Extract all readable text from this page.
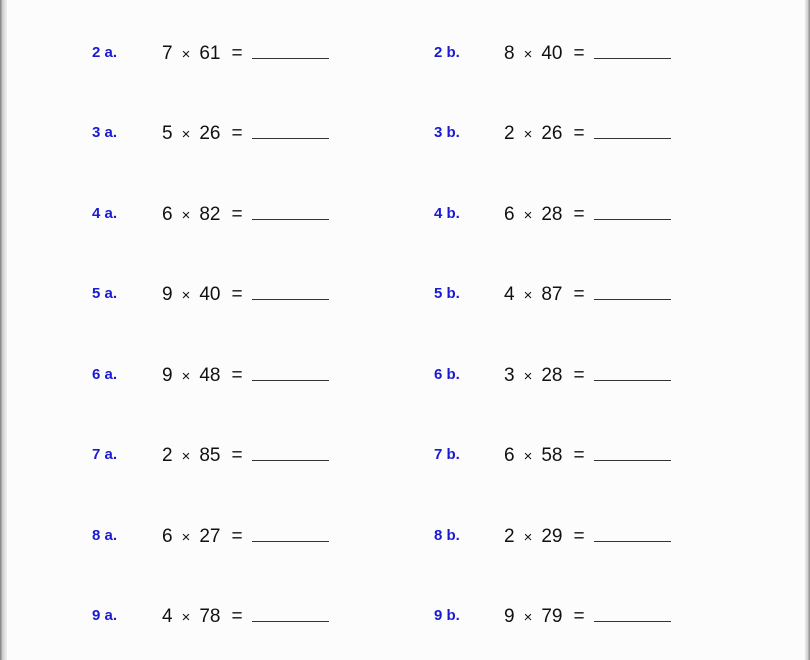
2 a. 7 × 61 =	2 b. 8 × 40 =
3 a. 5 × 26 =	3 b. 2 × 26 =
4 a. 6 × 82 =	4 b. 6 × 28 =
5 a. 9 × 40 =	5 b. 4 × 87 =
6 a. 9 × 48 =	6 b. 3 × 28 =
7 a. 2 × 85 =	7 b. 6 × 58 =
8 a. 6 × 27 =	8 b. 2 × 29 =
9 a. 4 × 78 =	9 b. 9 × 79 =
